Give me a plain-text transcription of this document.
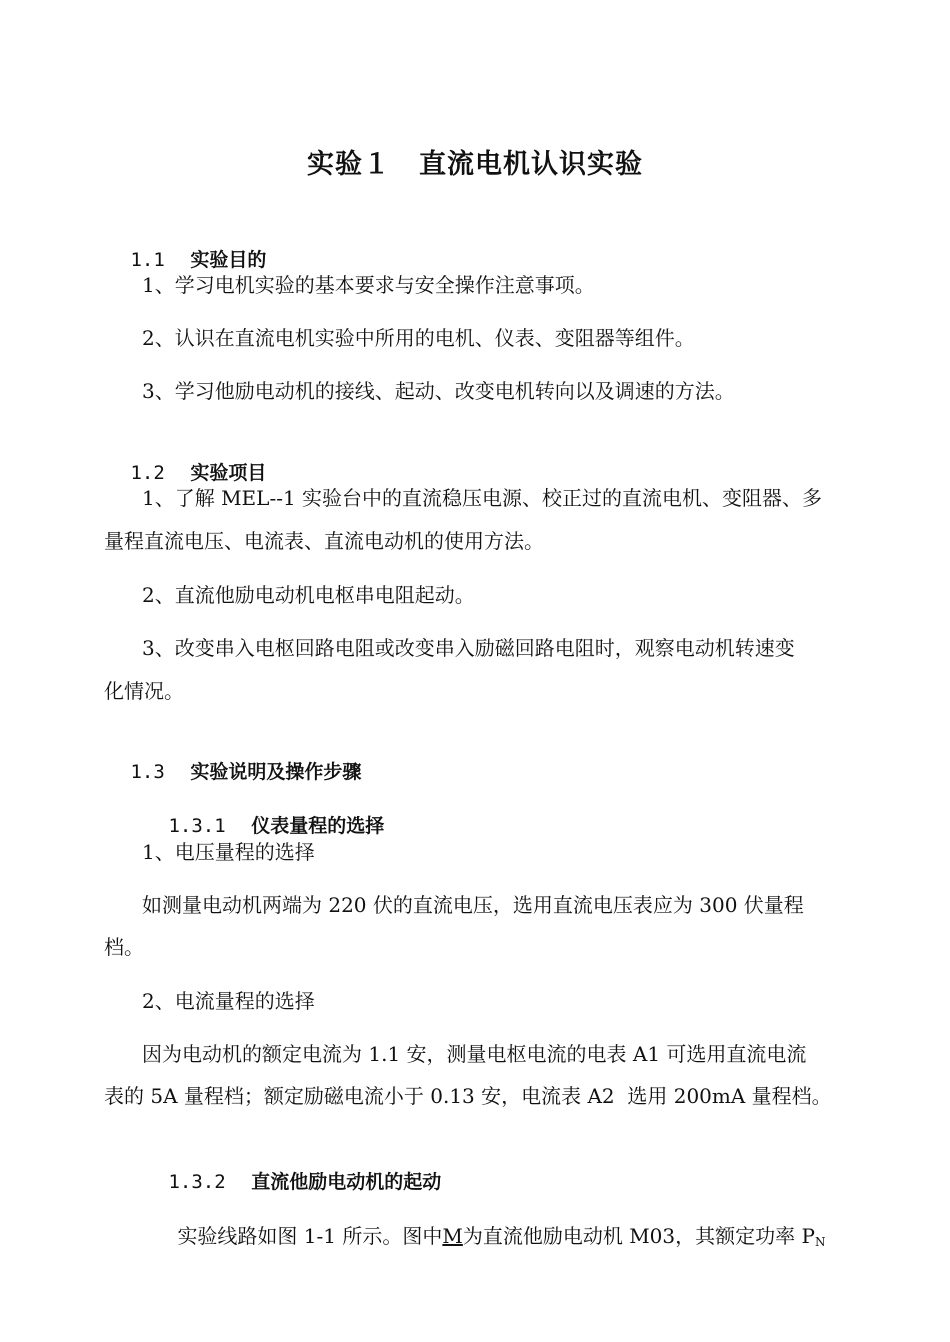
实验１　直流电机认识实验

1.1　 实验目的

1、学习电机实验的基本要求与安全操作注意事项。
2、认识在直流电机实验中所用的电机、仪表、变阻器等组件。
3、学习他励电动机的接线、起动、改变电机转向以及调速的方法。

1.2　 实验项目

1、了解 MEL--1 实验台中的直流稳压电源、校正过的直流电机、变阻器、多
量程直流电压、电流表、直流电动机的使用方法。
2、直流他励电动机电枢串电阻起动。
3、改变串入电枢回路电阻或改变串入励磁回路电阻时，观察电动机转速变
化情况。

1.3　 实验说明及操作步骤

1.3.1　 仪表量程的选择

1、电压量程的选择
如测量电动机两端为 220 伏的直流电压，选用直流电压表应为 300 伏量程
档。
2、电流量程的选择
因为电动机的额定电流为 1.1 安，测量电枢电流的电表 A1 可选用直流电流
表的 5A 量程档；额定励磁电流小于 0.13 安，电流表 A2  选用 200mA 量程档。

1.3.2　 直流他励电动机的起动

实验线路如图 1-1 所示。图中M为直流他励电动机 M03，其额定功率 $P_N$
